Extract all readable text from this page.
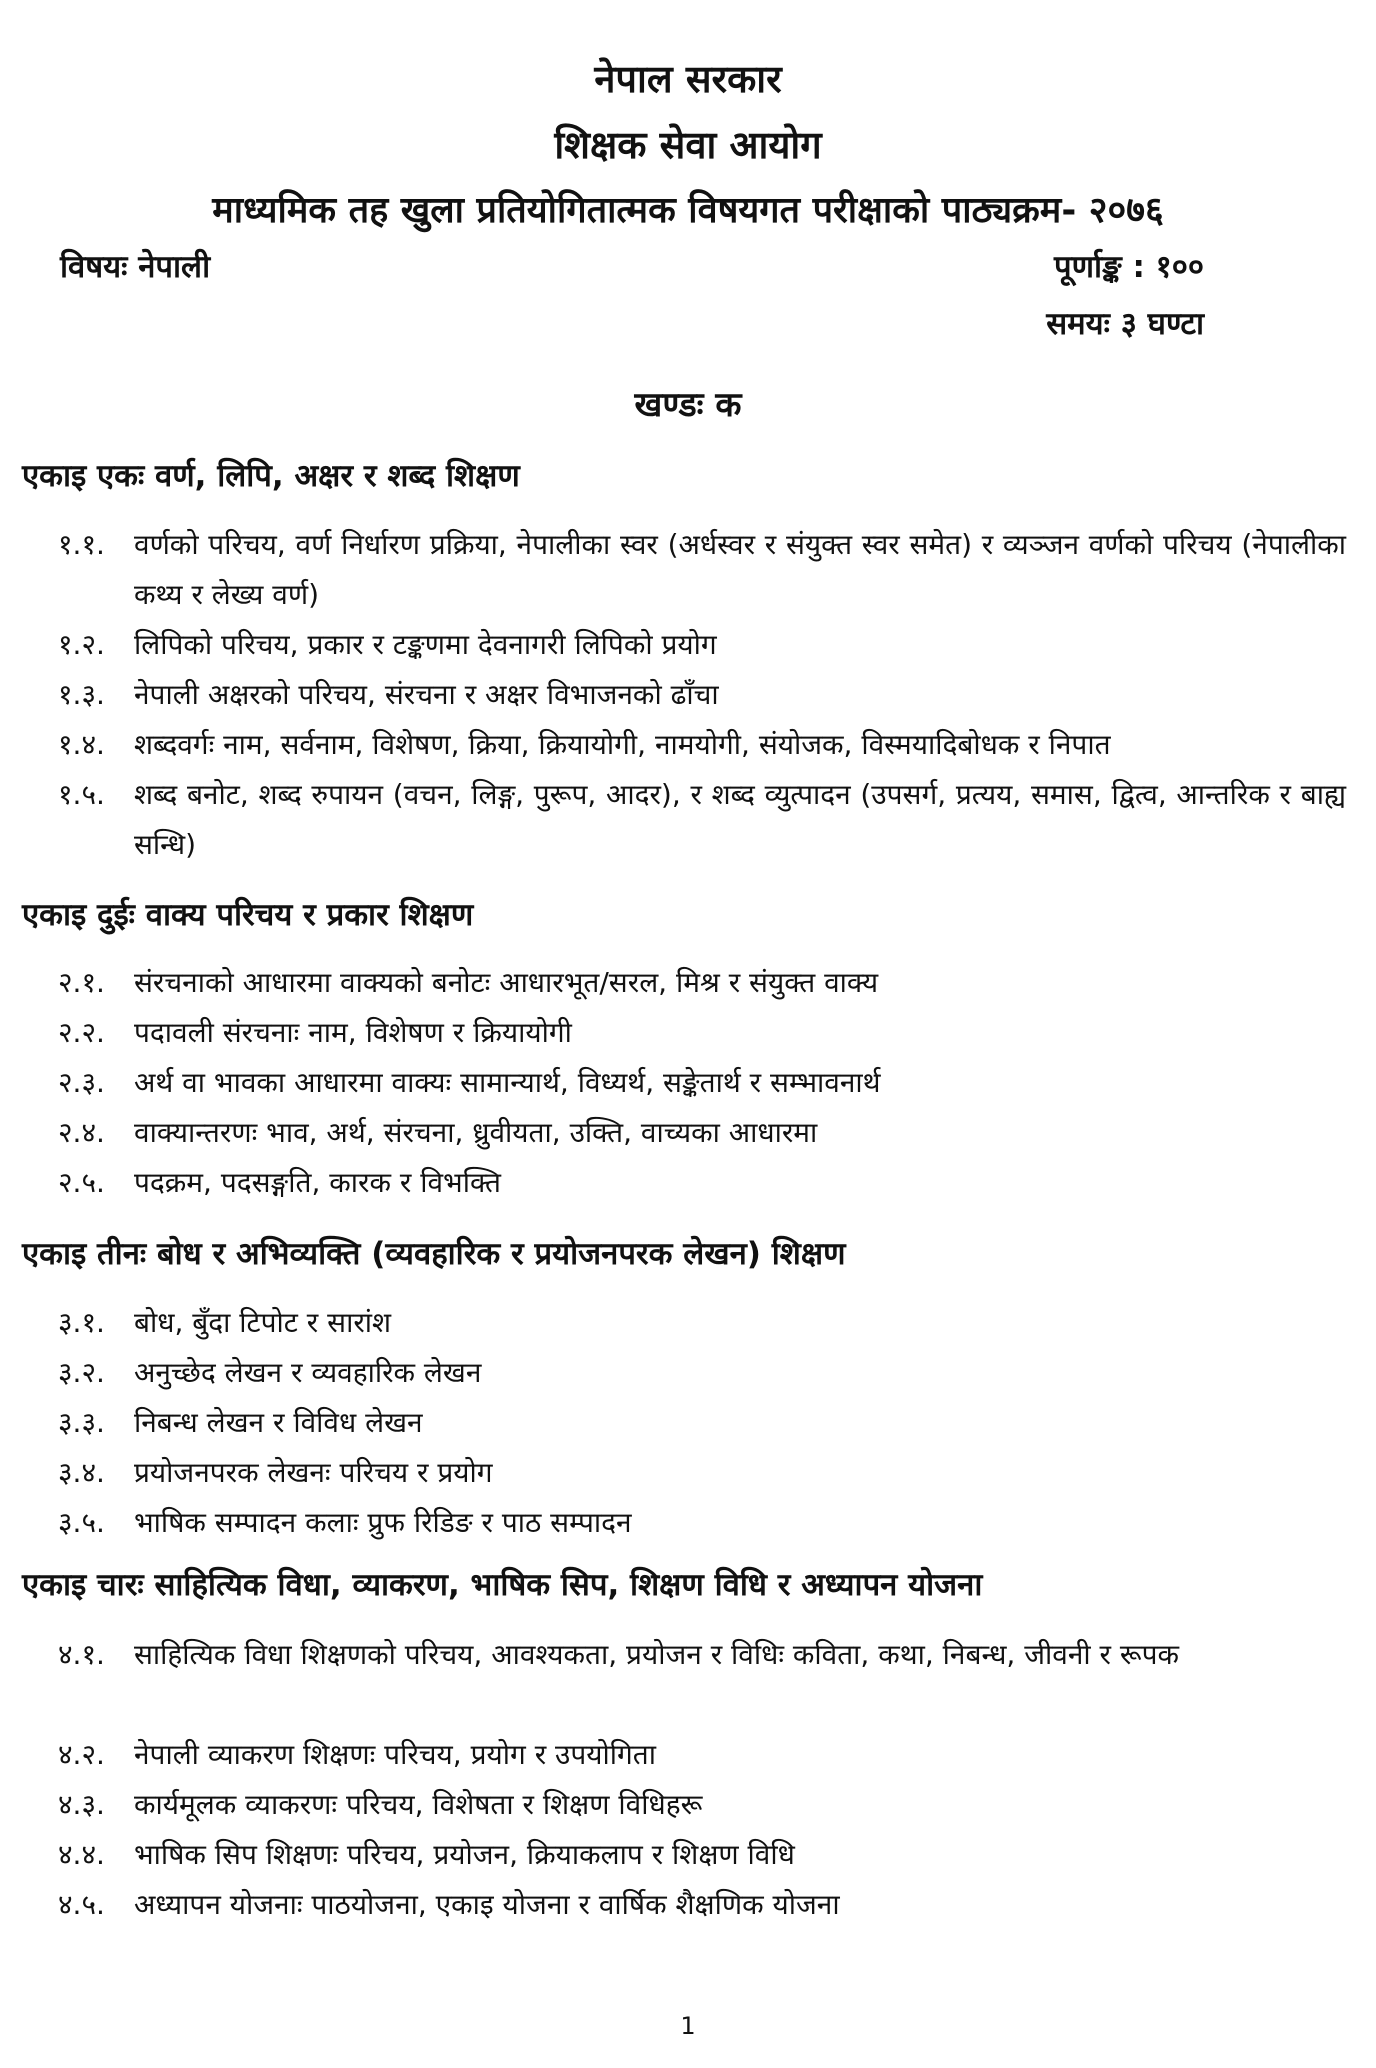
नेपाल सरकार
शिक्षक सेवा आयोग
माध्यमिक तह खुला प्रतियोगितात्मक विषयगत परीक्षाको पाठ्यक्रम- २०७६
विषयः नेपाली	पूर्णाङ्क : १००
समयः ३ घण्टा
खण्डः क
एकाइ एकः वर्ण, लिपि, अक्षर र शब्द शिक्षण
१.१.	वर्णको परिचय, वर्ण निर्धारण प्रक्रिया, नेपालीका स्वर (अर्धस्वर र संयुक्त स्वर समेत) र व्यञ्जन वर्णको परिचय (नेपालीका कथ्य र लेख्य वर्ण)
१.२.	लिपिको परिचय, प्रकार र टङ्कणमा देवनागरी लिपिको प्रयोग
१.३.	नेपाली अक्षरको परिचय, संरचना र अक्षर विभाजनको ढाँचा
१.४.	शब्दवर्गः नाम, सर्वनाम, विशेषण, क्रिया, क्रियायोगी, नामयोगी, संयोजक, विस्मयादिबोधक र निपात
१.५.	शब्द बनोट, शब्द रुपायन (वचन, लिङ्ग, पुरूप, आदर), र शब्द व्युत्पादन (उपसर्ग, प्रत्यय, समास, द्वित्व, आन्तरिक र बाह्य सन्धि)
एकाइ दुईः वाक्य परिचय र प्रकार शिक्षण
२.१.	संरचनाको आधारमा वाक्यको बनोटः आधारभूत/सरल, मिश्र र संयुक्त वाक्य
२.२.	पदावली संरचनाः नाम, विशेषण र क्रियायोगी
२.३.	अर्थ वा भावका आधारमा वाक्यः सामान्यार्थ, विध्यर्थ, सङ्केतार्थ र सम्भावनार्थ
२.४.	वाक्यान्तरणः भाव, अर्थ, संरचना, ध्रुवीयता, उक्ति, वाच्यका आधारमा
२.५.	पदक्रम, पदसङ्गति, कारक र विभक्ति
एकाइ तीनः बोध र अभिव्यक्ति (व्यवहारिक र प्रयोजनपरक लेखन) शिक्षण
३.१.	बोध, बुँदा टिपोट र सारांश
३.२.	अनुच्छेद लेखन र व्यवहारिक लेखन
३.३.	निबन्ध लेखन र विविध लेखन
३.४.	प्रयोजनपरक लेखनः परिचय र प्रयोग
३.५.	भाषिक सम्पादन कलाः प्रुफ रिडिङ र पाठ सम्पादन
एकाइ चारः साहित्यिक विधा, व्याकरण, भाषिक सिप, शिक्षण विधि र अध्यापन योजना
४.१.	साहित्यिक विधा शिक्षणको परिचय, आवश्यकता, प्रयोजन र विधिः कविता, कथा, निबन्ध, जीवनी र रूपक
४.२.	नेपाली व्याकरण शिक्षणः परिचय, प्रयोग र उपयोगिता
४.३.	कार्यमूलक व्याकरणः परिचय, विशेषता र शिक्षण विधिहरू
४.४.	भाषिक सिप शिक्षणः परिचय, प्रयोजन, क्रियाकलाप र शिक्षण विधि
४.५.	अध्यापन योजनाः पाठयोजना, एकाइ योजना र वार्षिक शैक्षणिक योजना
1
